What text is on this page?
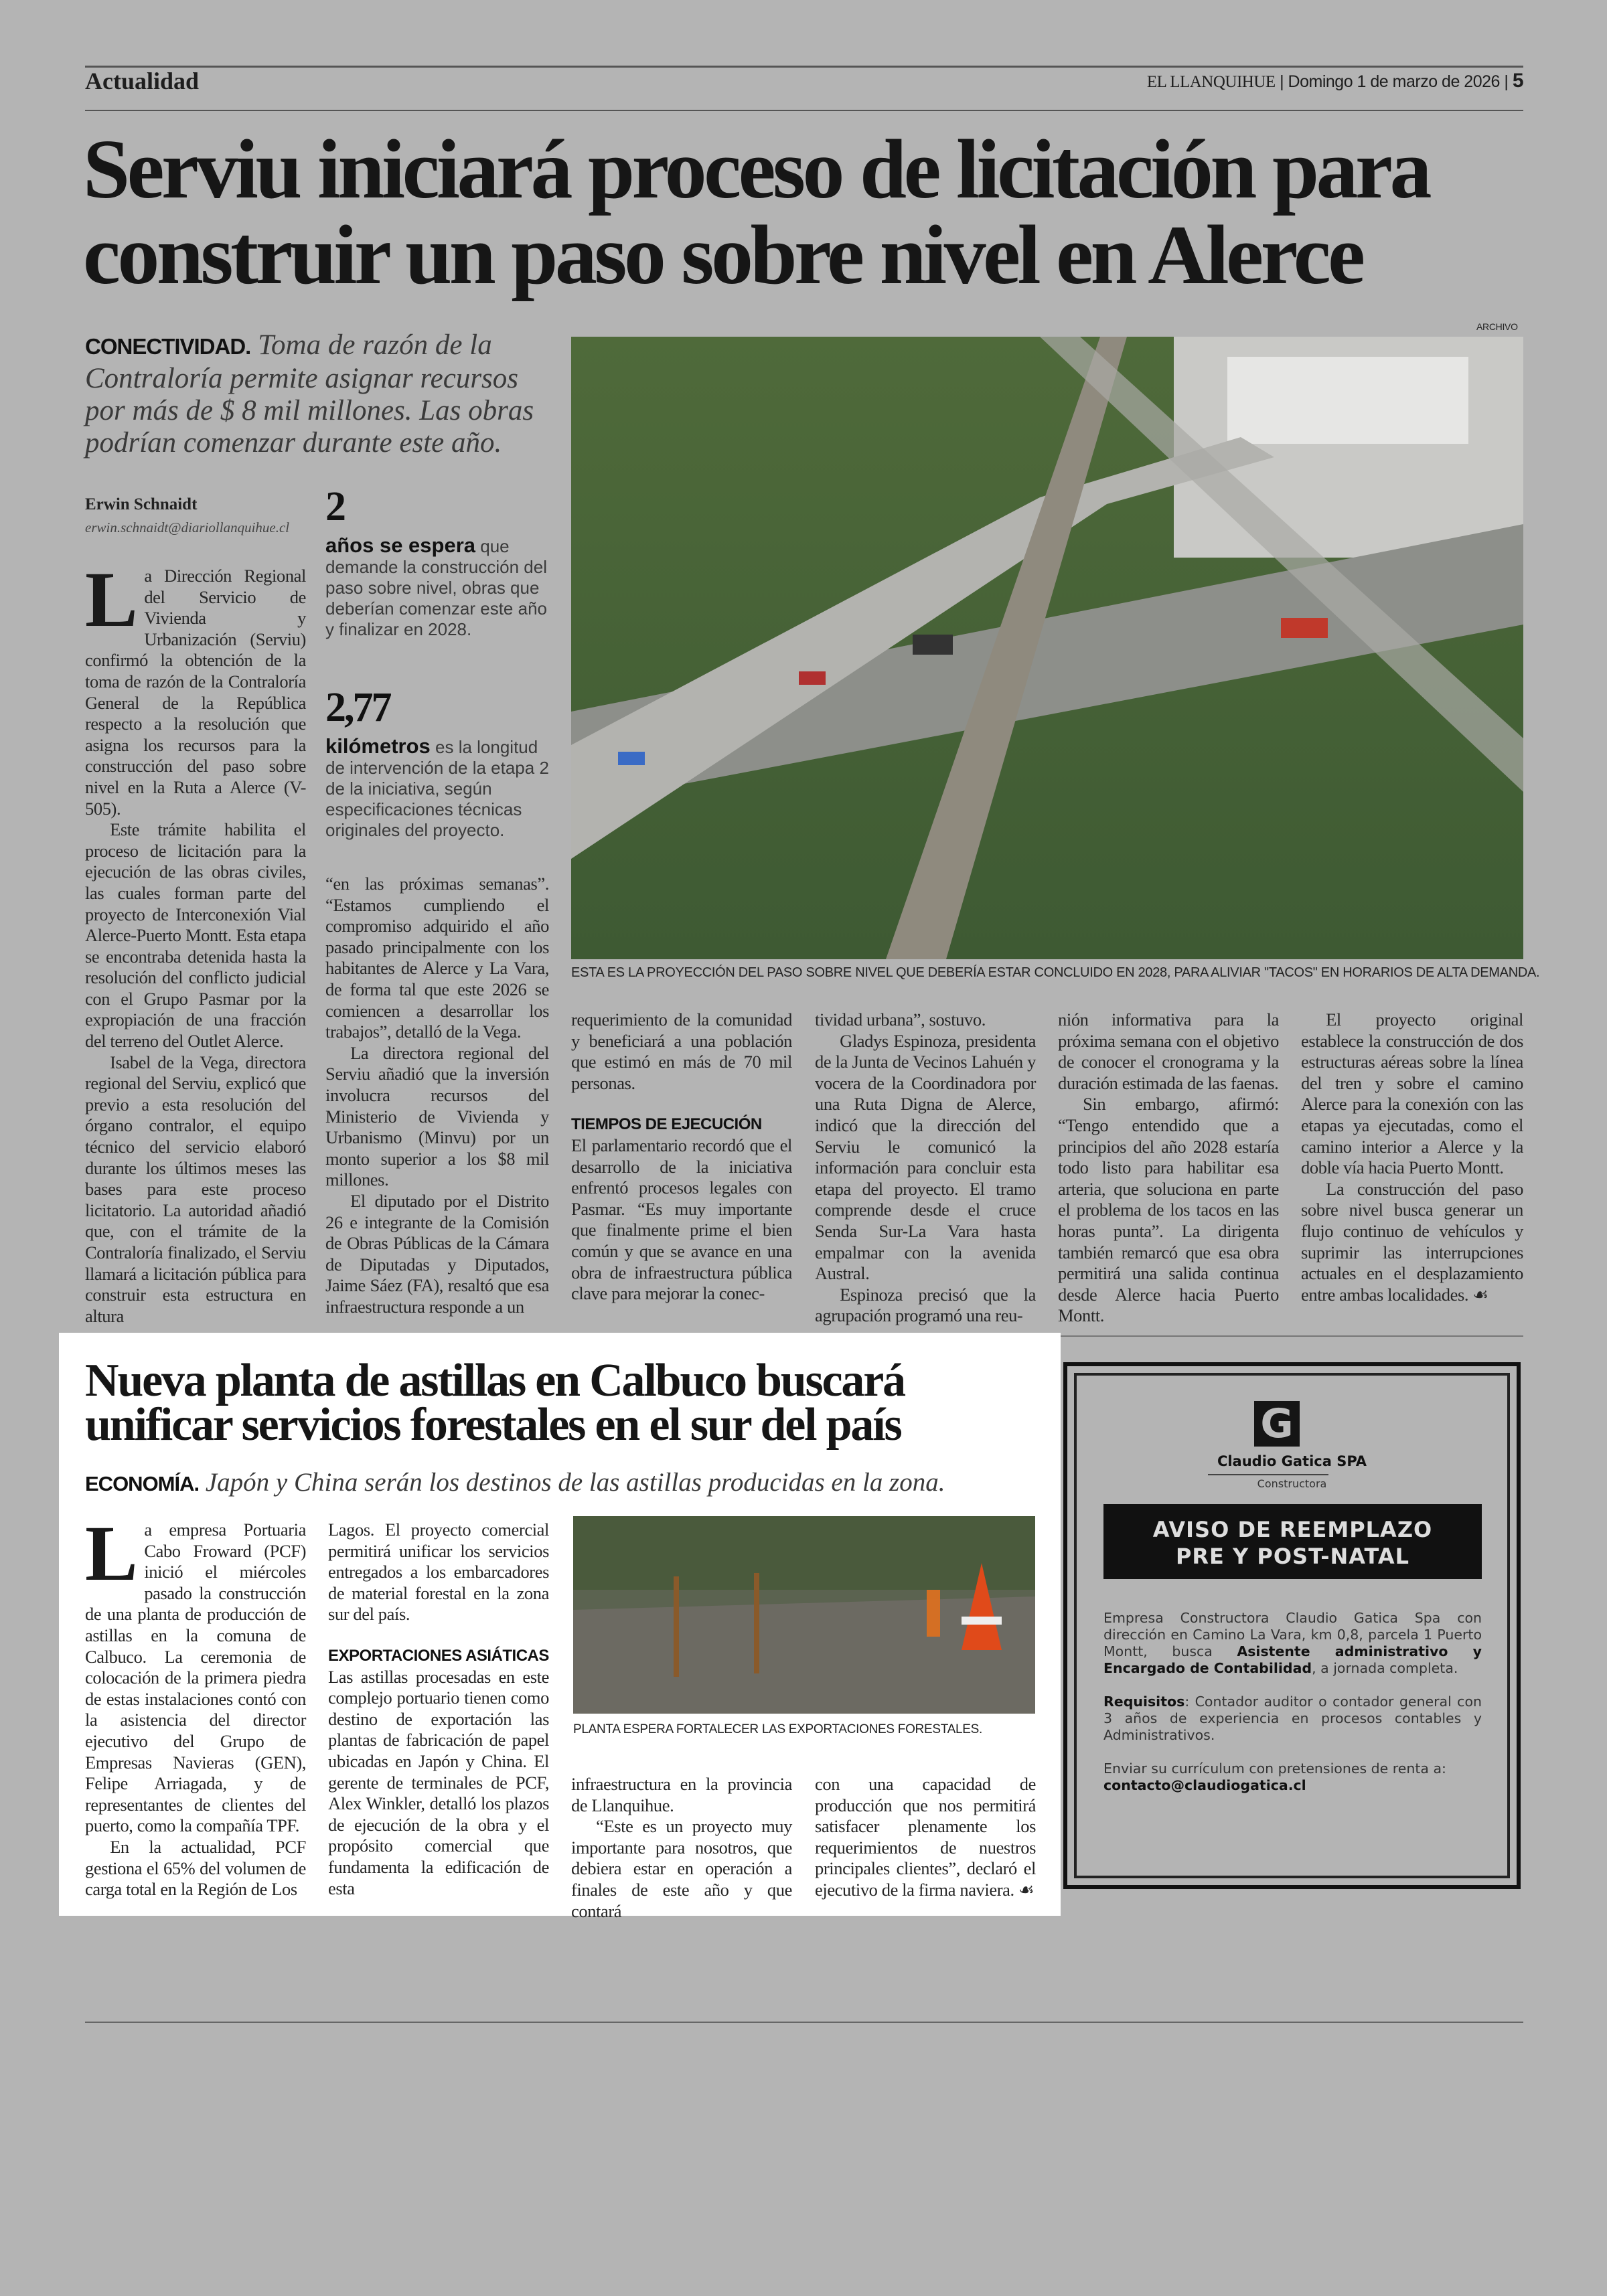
Actualidad	EL LLANQUIHUE | Domingo 1 de marzo de 2026 | 5
Serviu iniciará proceso de licitación para
construir un paso sobre nivel en Alerce
CONECTIVIDAD. Toma de razón de la Contraloría permite asignar recursos por más de $ 8 mil millones. Las obras podrían comenzar durante este año.
Erwin Schnaidt
erwin.schnaidt@diariollanquihue.cl
L a Dirección Regional del Servicio de Vivienda y Urbanización (Serviu) confirmó la obtención de la toma de razón de la Contraloría General de la República respecto a la resolución que asigna los recursos para la construcción del paso sobre nivel en la Ruta a Alerce (V-505).

Este trámite habilita el proceso de licitación para la ejecución de las obras civiles, las cuales forman parte del proyecto de Interconexión Vial Alerce-Puerto Montt. Esta etapa se encontraba detenida hasta la resolución del conflicto judicial con el Grupo Pasmar por la expropiación de una fracción del terreno del Outlet Alerce.

Isabel de la Vega, directora regional del Serviu, explicó que previo a esta resolución del órgano contralor, el equipo técnico del servicio elaboró durante los últimos meses las bases para este proceso licitatorio. La autoridad añadió que, con el trámite de la Contraloría finalizado, el Serviu llamará a licitación pública para construir esta estructura en altura

2
años se espera que demande la construcción del paso sobre nivel, obras que deberían comenzar este año y finalizar en 2028.
2,77
kilómetros es la longitud de intervención de la etapa 2 de la iniciativa, según especificaciones técnicas originales del proyecto.

“en las próximas semanas”. “Estamos cumpliendo el compromiso adquirido el año pasado principalmente con los habitantes de Alerce y La Vara, de forma tal que este 2026 se comiencen a desarrollar los trabajos”, detalló de la Vega.

La directora regional del Serviu añadió que la inversión involucra recursos del Ministerio de Vivienda y Urbanismo (Minvu) por un monto superior a los $8 mil millones.

El diputado por el Distrito 26 e integrante de la Comisión de Obras Públicas de la Cámara de Diputadas y Diputados, Jaime Sáez (FA), resaltó que esa infraestructura responde a un

ARCHIVO
ESTA ES LA PROYECCIÓN DEL PASO SOBRE NIVEL QUE DEBERÍA ESTAR CONCLUIDO EN 2028, PARA ALIVIAR "TACOS" EN HORARIOS DE ALTA DEMANDA.

requerimiento de la comunidad y beneficiará a una población que estimó en más de 70 mil personas.

TIEMPOS DE EJECUCIÓN

El parlamentario recordó que el desarrollo de la iniciativa enfrentó procesos legales con Pasmar. “Es muy importante que finalmente prime el bien común y que se avance en una obra de infraestructura pública clave para mejorar la conec-

tividad urbana”, sostuvo.

Gladys Espinoza, presidenta de la Junta de Vecinos Lahuén y vocera de la Coordinadora por una Ruta Digna de Alerce, indicó que la dirección del Serviu le comunicó la información para concluir esta etapa del proyecto. El tramo comprende desde el cruce Senda Sur-La Vara hasta empalmar con la avenida Austral.

Espinoza precisó que la agrupación programó una reu-

nión informativa para la próxima semana con el objetivo de conocer el cronograma y la duración estimada de las faenas.

Sin embargo, afirmó: “Tengo entendido que a principios del año 2028 estaría todo listo para habilitar esa arteria, que soluciona en parte el problema de los tacos en las horas punta”. La dirigenta también remarcó que esa obra permitirá una salida continua desde Alerce hacia Puerto Montt.

El proyecto original establece la construcción de dos estructuras aéreas sobre la línea del tren y sobre el camino Alerce para la conexión con las etapas ya ejecutadas, como el camino interior a Alerce y la doble vía hacia Puerto Montt.

La construcción del paso sobre nivel busca generar un flujo continuo de vehículos y suprimir las interrupciones actuales en el desplazamiento entre ambas localidades. ☙

Nueva planta de astillas en Calbuco buscará
unificar servicios forestales en el sur del país
ECONOMÍA. Japón y China serán los destinos de las astillas producidas en la zona.
L a empresa Portuaria Cabo Froward (PCF) inició el miércoles pasado la construcción de una planta de producción de astillas en la comuna de Calbuco. La ceremonia de colocación de la primera piedra de estas instalaciones contó con la asistencia del director ejecutivo del Grupo de Empresas Navieras (GEN), Felipe Arriagada, y de representantes de clientes del puerto, como la compañía TPF.

En la actualidad, PCF gestiona el 65% del volumen de carga total en la Región de Los

Lagos. El proyecto comercial permitirá unificar los servicios entregados a los embarcadores de material forestal en la zona sur del país.

EXPORTACIONES ASIÁTICAS

Las astillas procesadas en este complejo portuario tienen como destino de exportación las plantas de fabricación de papel ubicadas en Japón y China. El gerente de terminales de PCF, Alex Winkler, detalló los plazos de ejecución de la obra y el propósito comercial que fundamenta la edificación de esta

PLANTA ESPERA FORTALECER LAS EXPORTACIONES FORESTALES.

infraestructura en la provincia de Llanquihue.

“Este es un proyecto muy importante para nosotros, que debiera estar en operación a finales de este año y que contará

con una capacidad de producción que nos permitirá satisfacer plenamente los requerimientos de nuestros principales clientes”, declaró el ejecutivo de la firma naviera. ☙

G
Claudio Gatica SPA
Constructora
AVISO DE REEMPLAZO
PRE Y POST-NATAL

Empresa Constructora Claudio Gatica Spa con dirección en Camino La Vara, km 0,8, parcela 1 Puerto Montt, busca Asistente administrativo y Encargado de Contabilidad, a jornada completa.

Requisitos: Contador auditor o contador general con 3 años de experiencia en procesos contables y Administrativos.

Enviar su currículum con pretensiones de renta a:
contacto@claudiogatica.cl
